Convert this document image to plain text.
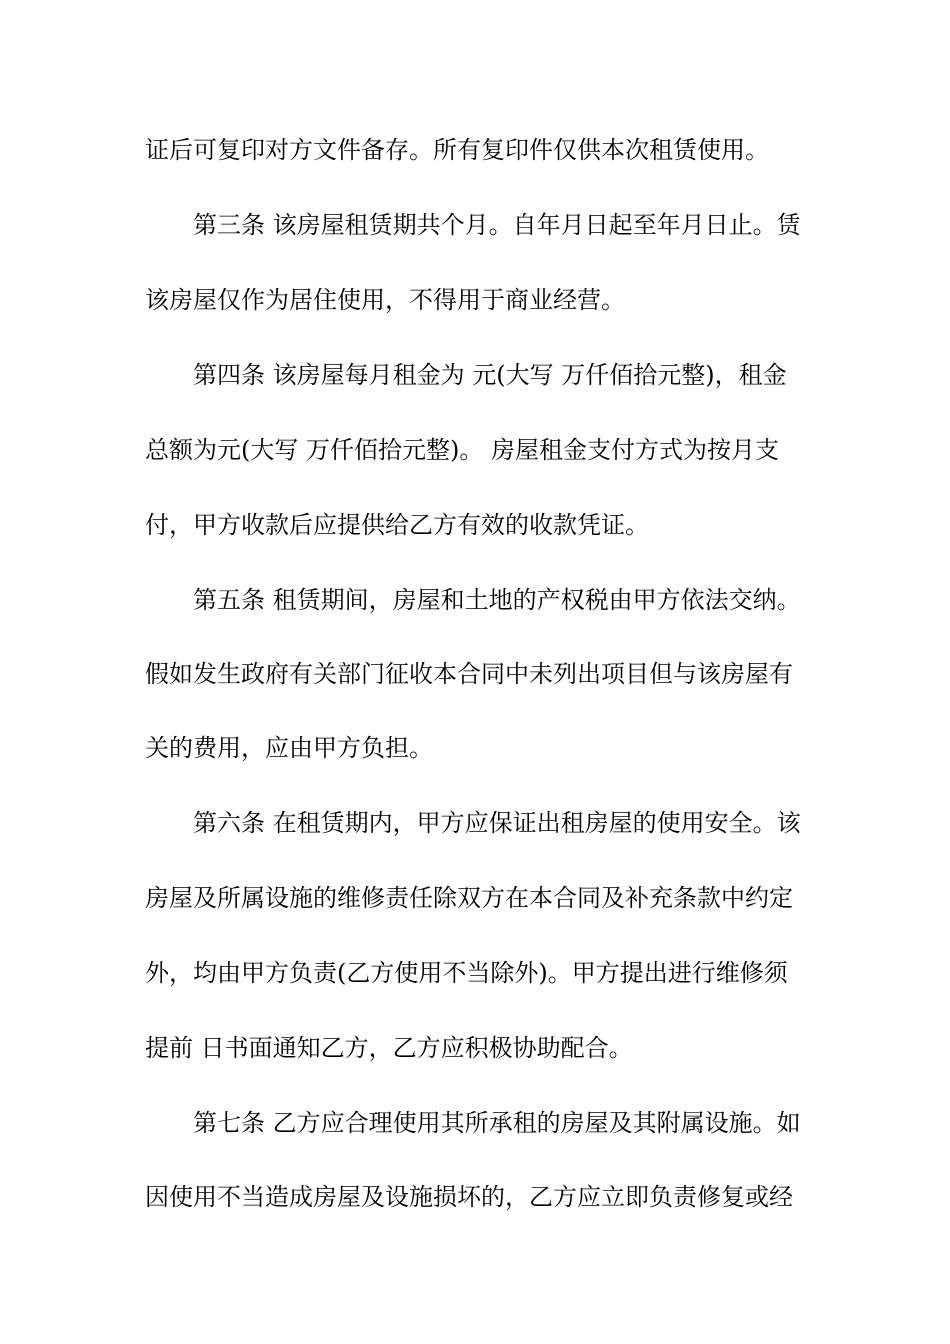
证后可复印对方文件备存。所有复印件仅供本次租赁使用。
第三条 该房屋租赁期共个月。自年月日起至年月日止。赁
该房屋仅作为居住使用，不得用于商业经营。
第四条 该房屋每月租金为 元(大写 万仟佰拾元整)，租金
总额为元(大写 万仟佰拾元整)。 房屋租金支付方式为按月支
付，甲方收款后应提供给乙方有效的收款凭证。
第五条 租赁期间，房屋和土地的产权税由甲方依法交纳。
假如发生政府有关部门征收本合同中未列出项目但与该房屋有
关的费用，应由甲方负担。
第六条 在租赁期内，甲方应保证出租房屋的使用安全。该
房屋及所属设施的维修责任除双方在本合同及补充条款中约定
外，均由甲方负责(乙方使用不当除外)。甲方提出进行维修须
提前 日书面通知乙方，乙方应积极协助配合。
第七条 乙方应合理使用其所承租的房屋及其附属设施。如
因使用不当造成房屋及设施损坏的，乙方应立即负责修复或经
